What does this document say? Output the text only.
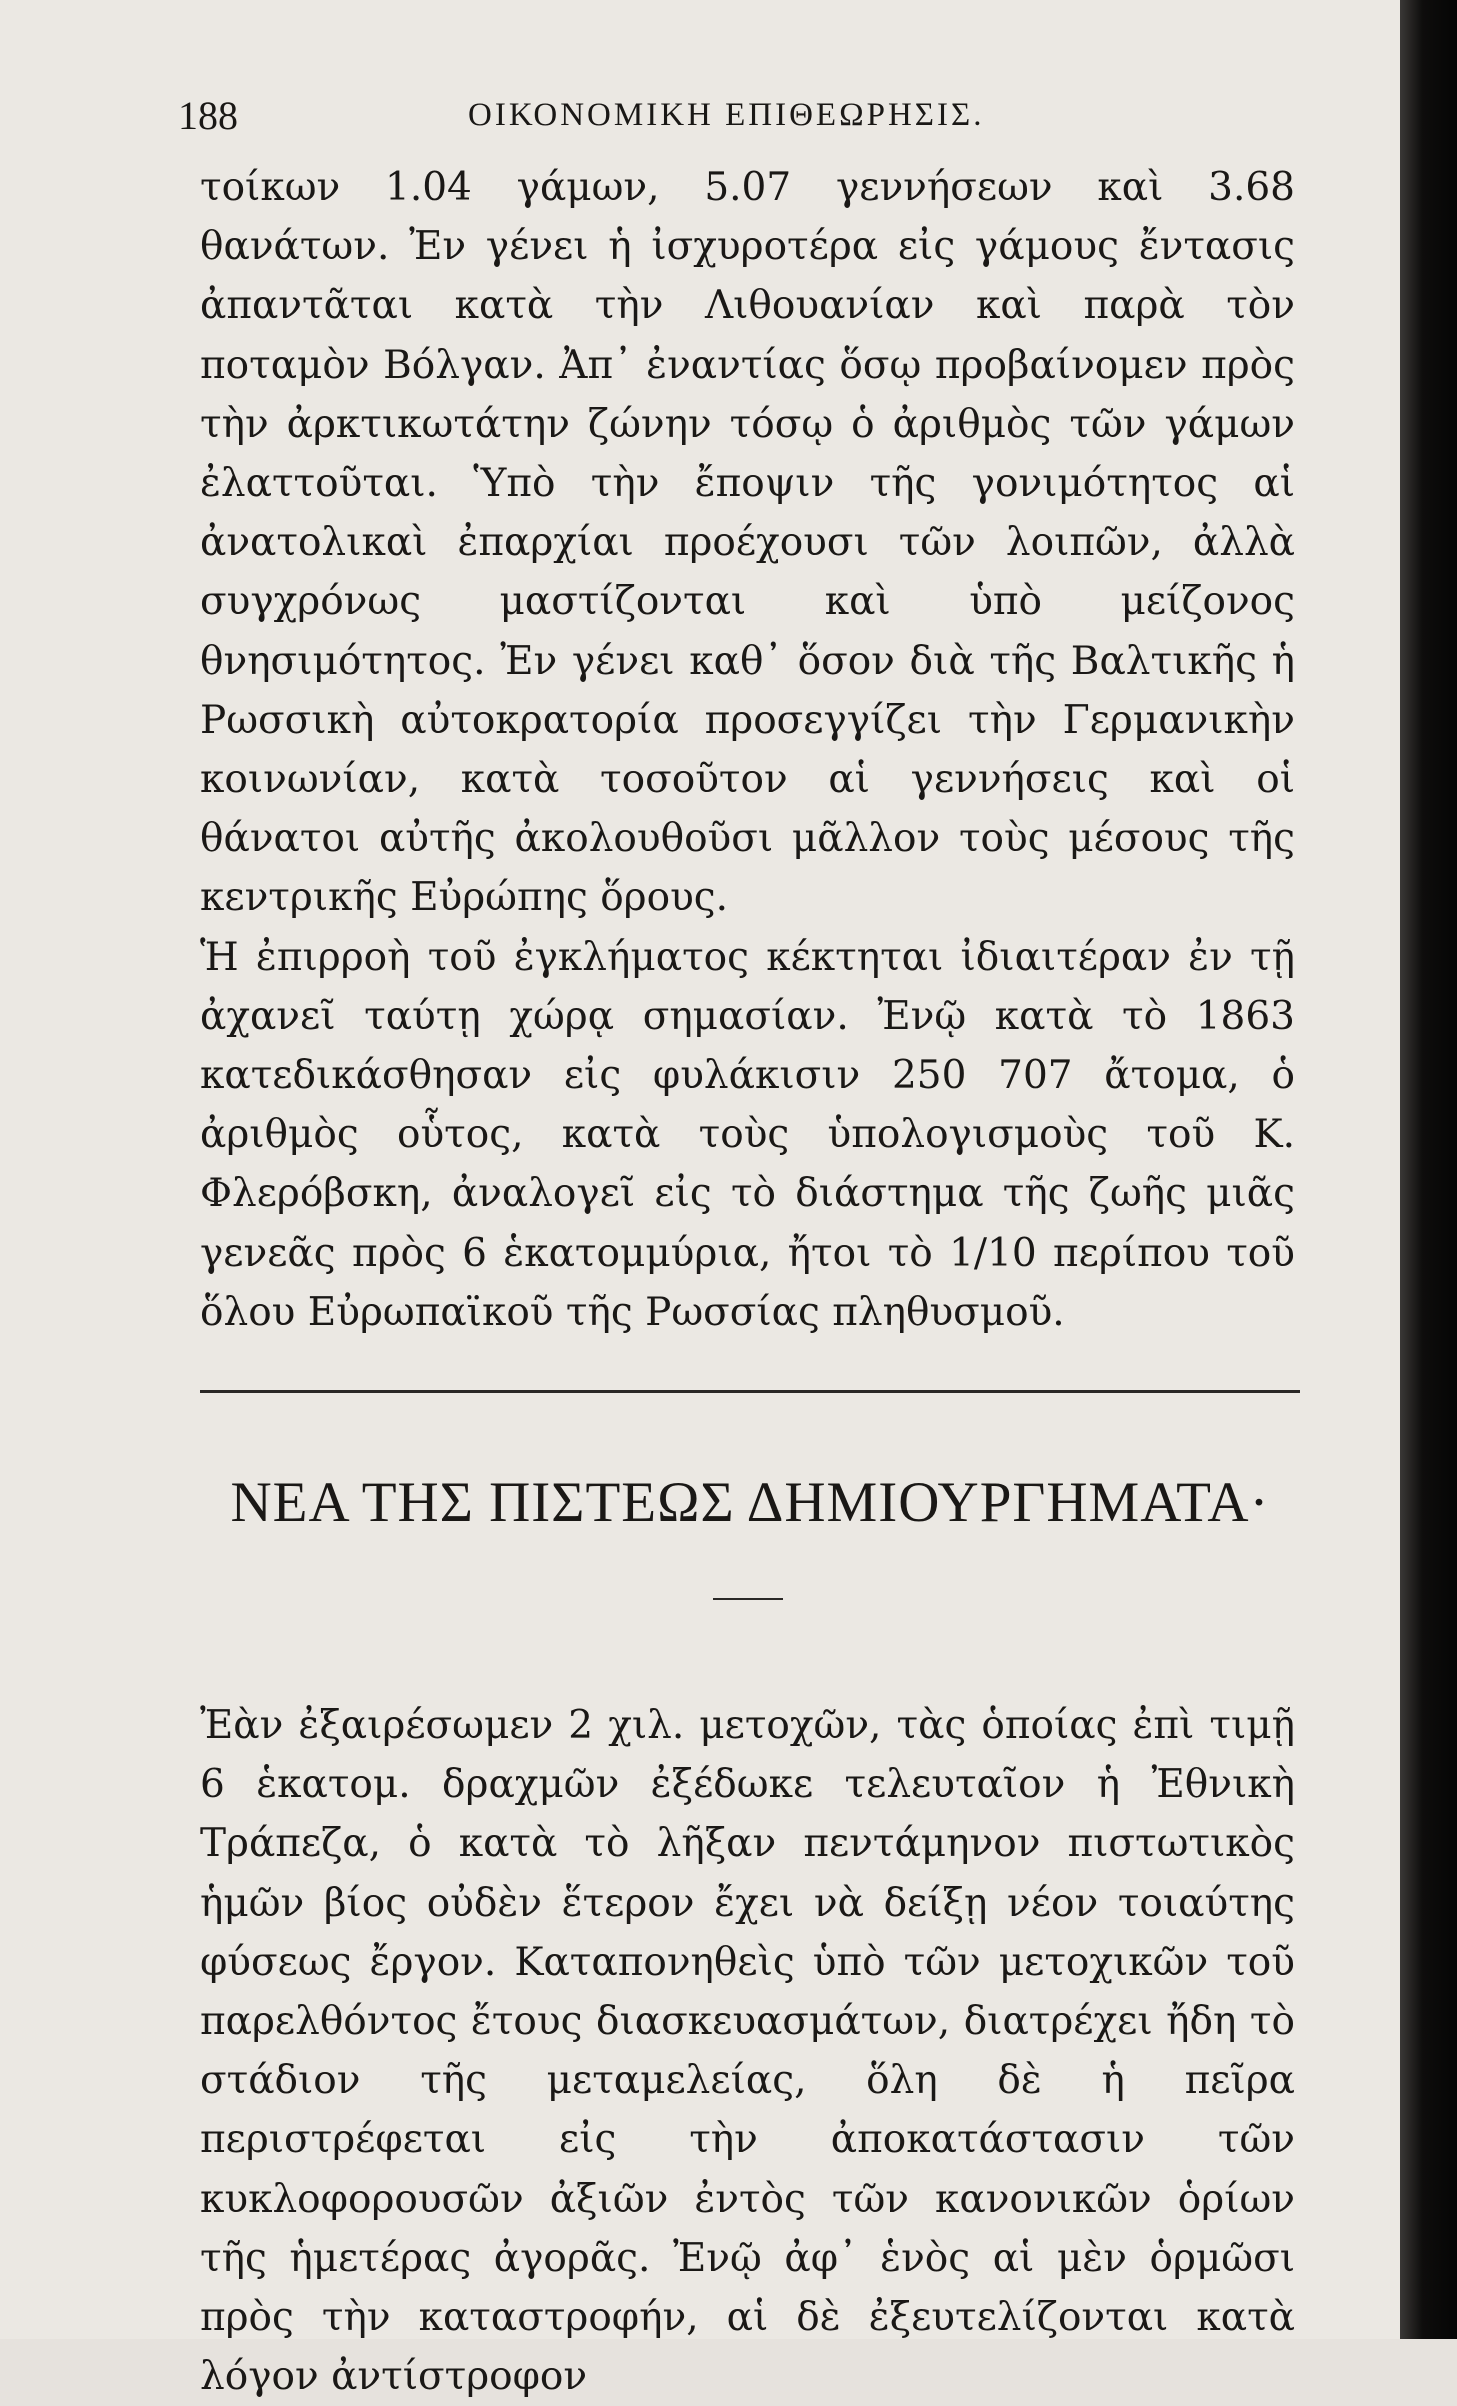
188	ΟΙΚΟΝΟΜΙΚΗ ΕΠΙΘΕΩΡΗΣΙΣ.

τοίκων 1.04 γάμων, 5.07 γεννήσεων καὶ 3.68 θανάτων. Ἐν γένει ἡ ἰσχυροτέρα εἰς γάμους ἔντασις ἀπαντᾶται κατὰ τὴν Λιθουανίαν καὶ παρὰ τὸν ποταμὸν Βόλγαν. Ἀπ᾽ ἐναντίας ὅσῳ προβαίνομεν πρὸς τὴν ἀρκτικωτάτην ζώνην τόσῳ ὁ ἀριθμὸς τῶν γάμων ἐλαττοῦται. Ὑπὸ τὴν ἔποψιν τῆς γονιμότητος αἱ ἀνατολικαὶ ἐπαρχίαι προέχουσι τῶν λοιπῶν, ἀλλὰ συγχρόνως μαστίζονται καὶ ὑπὸ μείζονος θνησιμότητος. Ἐν γένει καθ᾽ ὅσον διὰ τῆς Βαλτικῆς ἡ Ρωσσικὴ αὐτοκρατορία προσεγγίζει τὴν Γερμανικὴν κοινωνίαν, κατὰ τοσοῦτον αἱ γεννήσεις καὶ οἱ θάνατοι αὐτῆς ἀκολουθοῦσι μᾶλλον τοὺς μέσους τῆς κεντρικῆς Εὐρώπης ὅρους.

Ἡ ἐπιρροὴ τοῦ ἐγκλήματος κέκτηται ἰδιαιτέραν ἐν τῇ ἀχανεῖ ταύτῃ χώρᾳ σημασίαν. Ἐνῷ κατὰ τὸ 1863 κατεδικάσθησαν εἰς φυλάκισιν 250 707 ἄτομα, ὁ ἀριθμὸς οὗτος, κατὰ τοὺς ὑπολογισμοὺς τοῦ Κ. Φλερόβσκη, ἀναλογεῖ εἰς τὸ διάστημα τῆς ζωῆς μιᾶς γενεᾶς πρὸς 6 ἑκατομμύρια, ἤτοι τὸ 1/10 περίπου τοῦ ὅλου Εὐρωπαϊκοῦ τῆς Ρωσσίας πληθυσμοῦ.

ΝΕΑ ΤΗΣ ΠΙΣΤΕΩΣ ΔΗΜΙΟΥΡΓΗΜΑΤΑ·

Ἐὰν ἐξαιρέσωμεν 2 χιλ. μετοχῶν, τὰς ὁποίας ἐπὶ τιμῇ 6 ἑκατομ. δραχμῶν ἐξέδωκε τελευταῖον ἡ Ἐθνικὴ Τράπεζα, ὁ κατὰ τὸ λῆξαν πεντάμηνον πιστωτικὸς ἡμῶν βίος οὐδὲν ἕτερον ἔχει νὰ δείξῃ νέον τοιαύτης φύσεως ἔργον. Καταπονηθεὶς ὑπὸ τῶν μετοχικῶν τοῦ παρελθόντος ἔτους διασκευασμάτων, διατρέχει ἤδη τὸ στάδιον τῆς μεταμελείας, ὅλη δὲ ἡ πεῖρα περιστρέφεται εἰς τὴν ἀποκατάστασιν τῶν κυκλοφορουσῶν ἀξιῶν ἐντὸς τῶν κανονικῶν ὁρίων τῆς ἡμετέρας ἀγορᾶς. Ἐνῷ ἀφ᾽ ἑνὸς αἱ μὲν ὁρμῶσι πρὸς τὴν καταστροφήν, αἱ δὲ ἐξευτελίζονται κατὰ λόγον ἀντίστροφον
